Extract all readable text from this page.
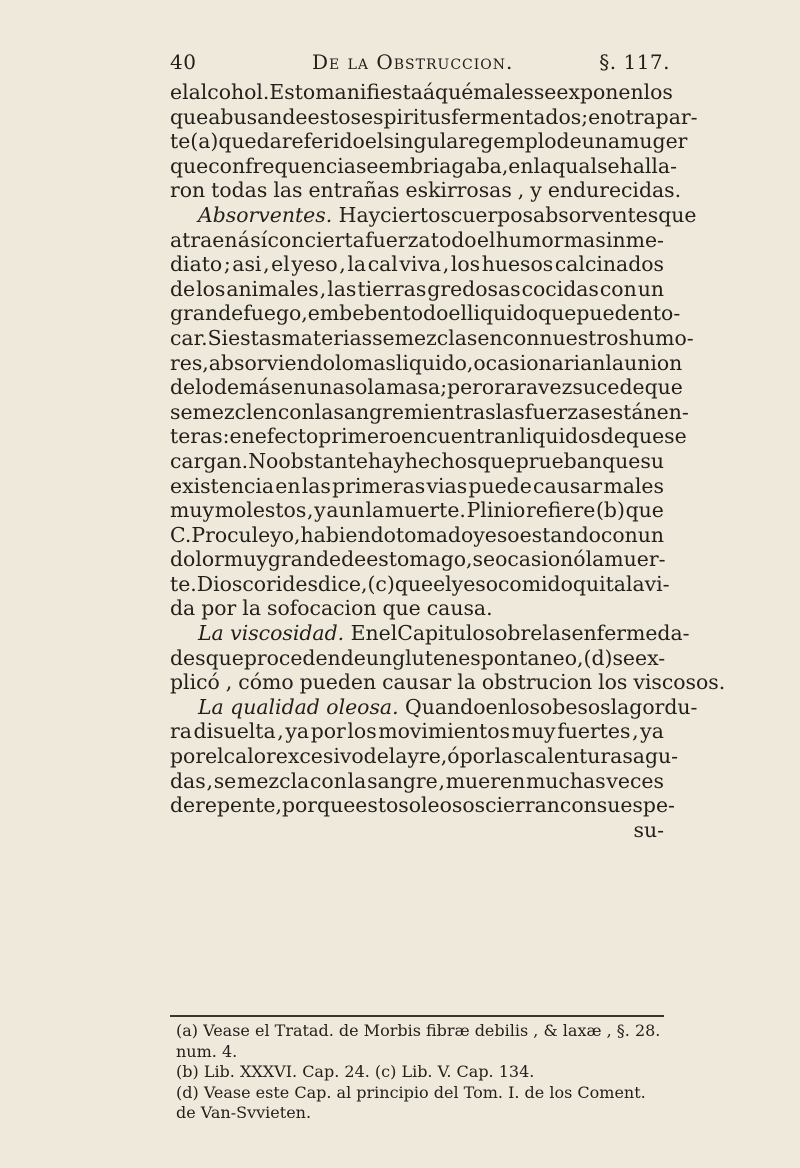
40	De la Obstruccion.	§. 117.
el alcohol. Esto manifiesta á qué males se exponen los
que abusan de estos espiritus fermentados ; en otra par-
te (a) queda referido el singular egemplo de una muger
que con frequencia se embriagaba , en la qual se halla-
ron todas las entrañas eskirrosas , y endurecidas.
Absorventes. Hay ciertos cuerpos absorventes que
atraen á sí con cierta fuerza todo el humor mas inme-
diato ; asi , el yeso , la cal viva , los huesos calcinados
de los animales , las tierras gredosas cocidas con un
grande fuego , embeben todo el liquido que pueden to-
car. Si estas materias se mezclasen con nuestros humo-
res , absorviendo lo mas liquido , ocasionarian la union
de lo demás en una sola masa ; pero rara vez sucede que
se mezclen con la sangre mientras las fuerzas están en-
teras : en efecto primero encuentran liquidos de que se
cargan. No obstante hay hechos que prueban que su
existencia en las primeras vias puede causar males
muy molestos , y aun la muerte. Plinio refiere (b) que
C. Proculeyo , habiendo tomado yeso estando con un
dolor muy grande de estomago , se ocasionó la muer-
te. Dioscorides dice , (c) que el yeso comido quita la vi-
da por la sofocacion que causa.
La viscosidad. En el Capitulo sobre las enfermeda-
des que proceden de un gluten espontaneo , (d) se ex-
plicó , cómo pueden causar la obstrucion los viscosos.
La qualidad oleosa. Quando en los obesos la gordu-
ra disuelta , ya por los movimientos muy fuertes , ya
por el calor excesivo del ayre , ó por las calenturas agu-
das , se mezcla con la sangre , mueren muchas veces
de repente , porque estos oleosos cierran con su espe-
su-
(a) Vease el Tratad. de Morbis fibræ debilis , & laxæ , §. 28.
num. 4.
(b) Lib. XXXVI. Cap. 24. (c) Lib. V. Cap. 134.
(d) Vease este Cap. al principio del Tom. I. de los Coment.
de Van-Svvieten.
